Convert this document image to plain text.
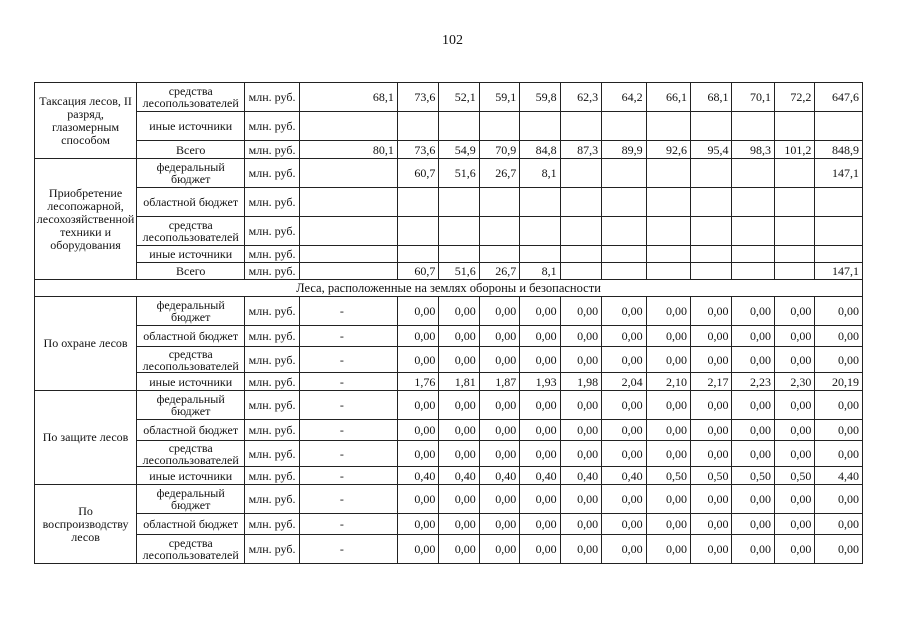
102
Таксация лесов, II разряд, глазомерным способом	средства лесопользователей	млн. руб.	68,1	73,6	52,1	59,1	59,8	62,3	64,2	66,1	68,1	70,1	72,2	647,6
	иные источники	млн. руб.												
	Всего	млн. руб.	80,1	73,6	54,9	70,9	84,8	87,3	89,9	92,6	95,4	98,3	101,2	848,9
Приобретение лесопожарной, лесохозяйственной техники и оборудования	федеральный бюджет	млн. руб.		60,7	51,6	26,7	8,1							147,1
	областной бюджет	млн. руб.												
	средства лесопользователей	млн. руб.												
	иные источники	млн. руб.												
	Всего	млн. руб.		60,7	51,6	26,7	8,1							147,1
Леса, расположенные на землях обороны и безопасности														
По охране лесов	федеральный бюджет	млн. руб.	-	0,00	0,00	0,00	0,00	0,00	0,00	0,00	0,00	0,00	0,00	0,00
	областной бюджет	млн. руб.	-	0,00	0,00	0,00	0,00	0,00	0,00	0,00	0,00	0,00	0,00	0,00
	средства лесопользователей	млн. руб.	-	0,00	0,00	0,00	0,00	0,00	0,00	0,00	0,00	0,00	0,00	0,00
	иные источники	млн. руб.	-	1,76	1,81	1,87	1,93	1,98	2,04	2,10	2,17	2,23	2,30	20,19
По защите лесов	федеральный бюджет	млн. руб.	-	0,00	0,00	0,00	0,00	0,00	0,00	0,00	0,00	0,00	0,00	0,00
	областной бюджет	млн. руб.	-	0,00	0,00	0,00	0,00	0,00	0,00	0,00	0,00	0,00	0,00	0,00
	средства лесопользователей	млн. руб.	-	0,00	0,00	0,00	0,00	0,00	0,00	0,00	0,00	0,00	0,00	0,00
	иные источники	млн. руб.	-	0,40	0,40	0,40	0,40	0,40	0,40	0,50	0,50	0,50	0,50	4,40
По воспроизводству лесов	федеральный бюджет	млн. руб.	-	0,00	0,00	0,00	0,00	0,00	0,00	0,00	0,00	0,00	0,00	0,00
	областной бюджет	млн. руб.	-	0,00	0,00	0,00	0,00	0,00	0,00	0,00	0,00	0,00	0,00	0,00
	средства лесопользователей	млн. руб.	-	0,00	0,00	0,00	0,00	0,00	0,00	0,00	0,00	0,00	0,00	0,00
